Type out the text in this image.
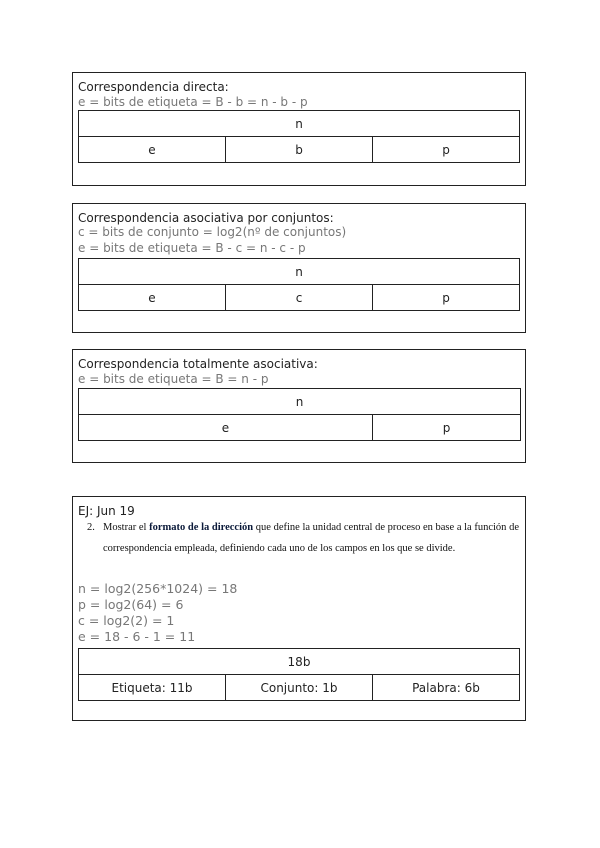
Correspondencia directa:
e = bits de etiqueta = B - b = n - b - p
n
e	b	p
Correspondencia asociativa por conjuntos:
c = bits de conjunto = log2(nº de conjuntos)
e = bits de etiqueta = B - c = n - c - p
n
e	c	p
Correspondencia totalmente asociativa:
e = bits de etiqueta = B = n - p
n
e	p
EJ: Jun 19
2. Mostrar el formato de la dirección que define la unidad central de proceso en base a la función de correspondencia empleada, definiendo cada uno de los campos en los que se divide.
n = log2(256*1024) = 18
p = log2(64) = 6
c = log2(2) = 1
e = 18 - 6 - 1 = 11
18b
Etiqueta: 11b	Conjunto: 1b	Palabra: 6b
